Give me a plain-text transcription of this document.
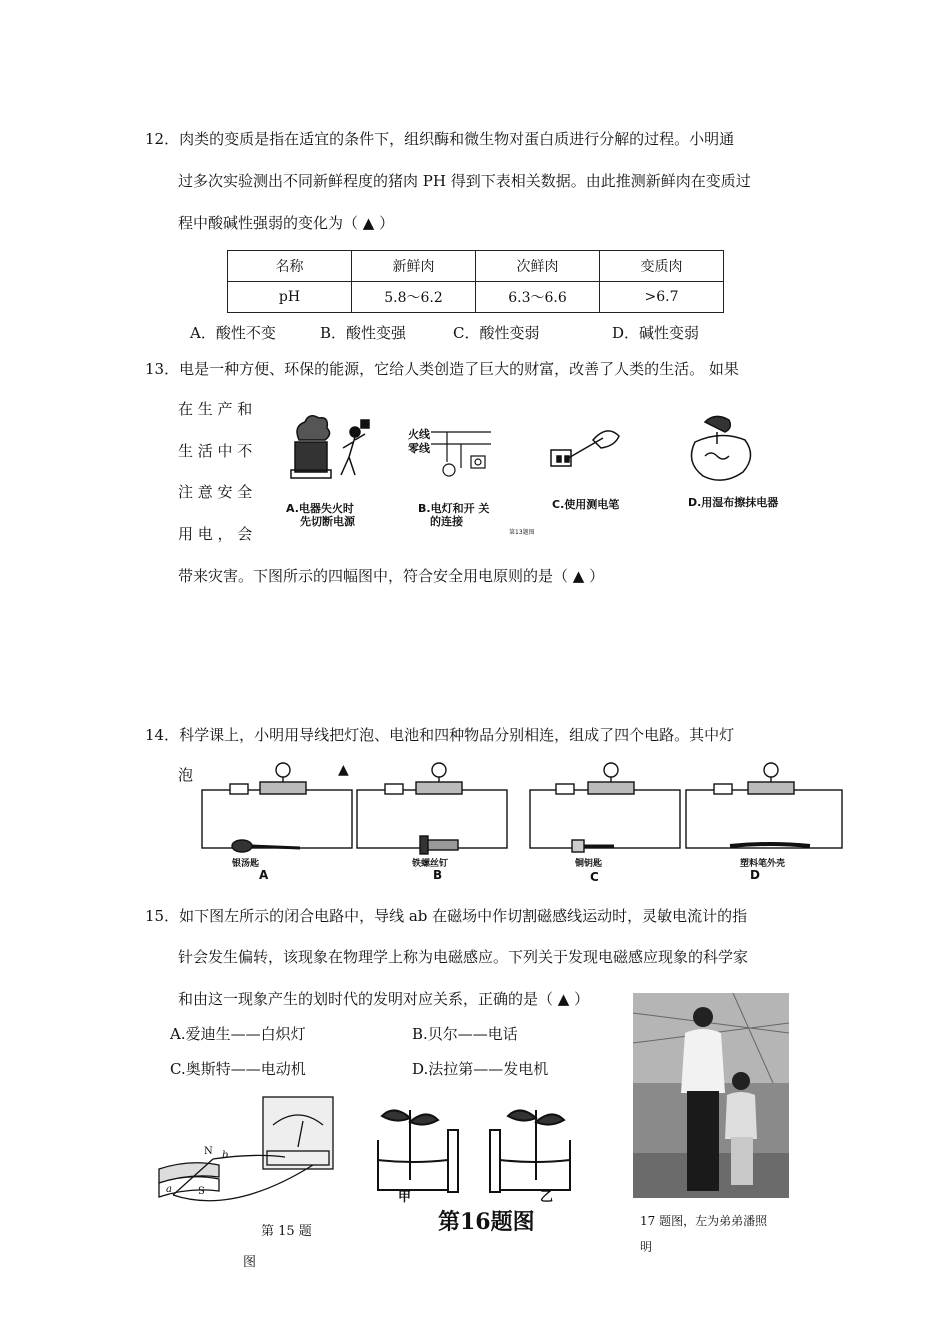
12．肉类的变质是指在适宜的条件下，组织酶和微生物对蛋白质进行分解的过程。小明通
过多次实验测出不同新鲜程度的猪肉 PH 得到下表相关数据。由此推测新鲜肉在变质过
程中酸碱性强弱的变化为（ ▲ ）
名称	新鲜肉	次鲜肉	变质肉
pH	5.8～6.2	6.3～6.6	>6.7
A．酸性不变	B．酸性变强	C．酸性变弱	D．碱性变弱
13．电是一种方便、环保的能源，它给人类创造了巨大的财富，改善了人类的生活。 如果
在 生 产 和
生 活 中 不
注 意 安 全
用 电 ， 会
带来灾害。下图所示的四幅图中，符合安全用电原则的是（ ▲ ）
火线
零线
A.电器失火时
先切断电源
B.电灯和开 关
的连接
C.使用测电笔	D.用湿布擦抹电器
第13题图
14．科学课上，小明用导线把灯泡、电池和四种物品分别相连，组成了四个电路。其中灯
泡	▲
银汤匙
A
铁螺丝钉
B
铜钥匙
C
塑料笔外壳
D
15．如下图左所示的闭合电路中，导线 ab 在磁场中作切割磁感线运动时，灵敏电流计的指
针会发生偏转，该现象在物理学上称为电磁感应。下列关于发现电磁感应现象的科学家
和由这一现象产生的划时代的发明对应关系，正确的是（ ▲ ）
A.爱迪生——白炽灯	B.贝尔——电话
C.奥斯特——电动机	D.法拉第——发电机
N
S
a
b
第 15 题
图
甲	乙
第16题图	17 题图，左为弟弟潘照
明
